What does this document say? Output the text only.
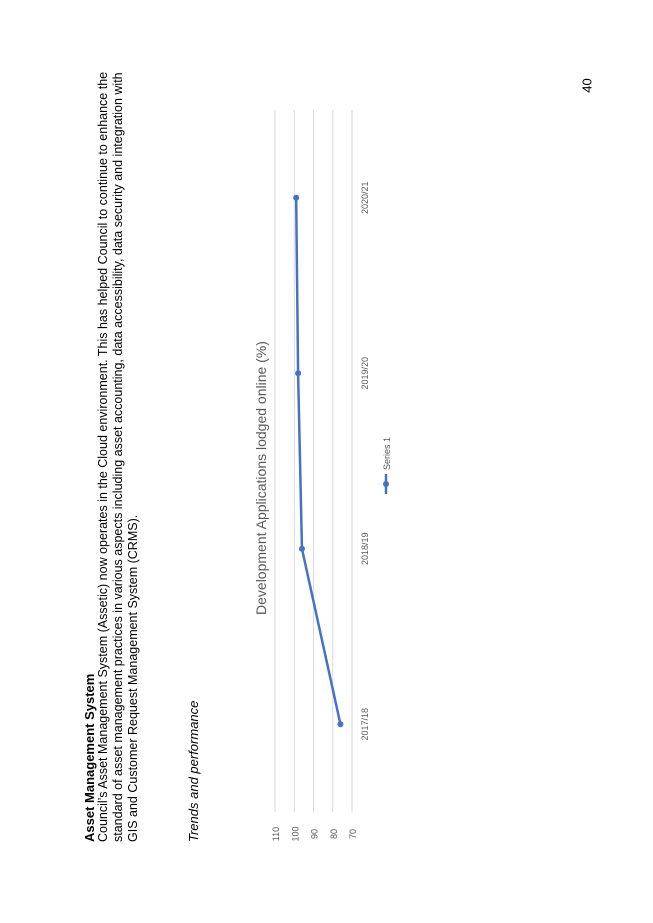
40
Asset Management System Council’s Asset Management System (Assetic) now operates in the Cloud environment. This has helped Council to continue to enhance the standard of asset management practices in various aspects including asset accounting, data accessibility, data security and integration with GIS and Customer Request Management System (CRMS).	Trends and performance	70
80
90
100
110
2017/18
2018/19
2019/20
2020/21
Development Applications lodged online (%)	Series 1
